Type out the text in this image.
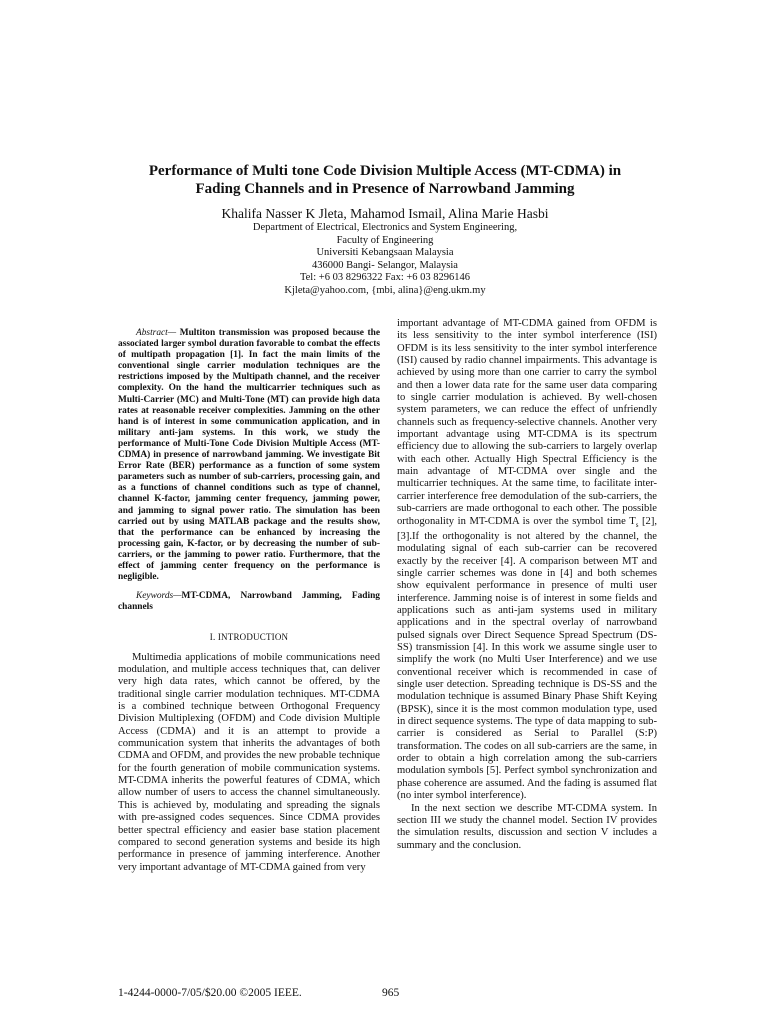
Performance of Multi tone Code Division Multiple Access (MT-CDMA) in
Fading Channels and in Presence of Narrowband Jamming
Khalifa Nasser K Jleta, Mahamod Ismail, Alina Marie Hasbi
Department of Electrical, Electronics and System Engineering,
Faculty of Engineering
Universiti Kebangsaan Malaysia
436000 Bangi- Selangor, Malaysia
Tel: +6 03 8296322 Fax: +6 03 8296146
Kjleta@yahoo.com, {mbi, alina}@eng.ukm.my

Abstract— Multiton transmission was proposed because the associated larger symbol duration favorable to combat the effects of multipath propagation [1]. In fact the main limits of the conventional single carrier modulation techniques are the restrictions imposed by the Multipath channel, and the receiver complexity. On the hand the multicarrier techniques such as Multi-Carrier (MC) and Multi-Tone (MT) can provide high data rates at reasonable receiver complexities. Jamming on the other hand is of interest in some communication application, and in military anti-jam systems. In this work, we study the performance of Multi-Tone Code Division Multiple Access (MT-CDMA) in presence of narrowband jamming. We investigate Bit Error Rate (BER) performance as a function of some system parameters such as number of sub-carriers, processing gain, and as a functions of channel conditions such as type of channel, channel K-factor, jamming center frequency, jamming power, and jamming to signal power ratio. The simulation has been carried out by using MATLAB package and the results show, that the performance can be enhanced by increasing the processing gain, K-factor, or by decreasing the number of sub-carriers, or the jamming to power ratio. Furthermore, that the effect of jamming center frequency on the performance is negligible.

Keywords—MT-CDMA, Narrowband Jamming, Fading channels

I. INTRODUCTION

Multimedia applications of mobile communications need modulation, and multiple access techniques that, can deliver very high data rates, which cannot be offered, by the traditional single carrier modulation techniques. MT-CDMA is a combined technique between Orthogonal Frequency Division Multiplexing (OFDM) and Code division Multiple Access (CDMA) and it is an attempt to provide a communication system that inherits the advantages of both CDMA and OFDM, and provides the new probable technique for the fourth generation of mobile communication systems. MT-CDMA inherits the powerful features of CDMA, which allow number of users to access the channel simultaneously. This is achieved by, modulating and spreading the signals with pre-assigned codes sequences. Since CDMA provides better spectral efficiency and easier base station placement compared to second generation systems and beside its high performance in presence of jamming interference. Another very important advantage of MT-CDMA gained from very

important advantage of MT-CDMA gained from OFDM is its less sensitivity to the inter symbol interference (ISI) OFDM is its less sensitivity to the inter symbol interference (ISI) caused by radio channel impairments. This advantage is achieved by using more than one carrier to carry the symbol and then a lower data rate for the same user data comparing to single carrier modulation is achieved. By well-chosen system parameters, we can reduce the effect of unfriendly channels such as frequency-selective channels. Another very important advantage using MT-CDMA is its spectrum efficiency due to allowing the sub-carriers to largely overlap with each other. Actually High Spectral Efficiency is the main advantage of MT-CDMA over single and the multicarrier techniques. At the same time, to facilitate inter-carrier interference free demodulation of the sub-carriers, the sub-carriers are made orthogonal to each other. The possible orthogonality in MT-CDMA is over the symbol time $T_s$ [2], [3].If the orthogonality is not altered by the channel, the modulating signal of each sub-carrier can be recovered exactly by the receiver [4]. A comparison between MT and single carrier schemes was done in [4] and both schemes show equivalent performance in presence of multi user interference. Jamming noise is of interest in some fields and applications such as anti-jam systems used in military applications and in the spectral overlay of narrowband pulsed signals over Direct Sequence Spread Spectrum (DS-SS) transmission [4]. In this work we assume single user to simplify the work (no Multi User Interference) and we use conventional receiver which is recommended in case of single user detection. Spreading technique is DS-SS and the modulation technique is assumed Binary Phase Shift Keying (BPSK), since it is the most common modulation type, used in direct sequence systems. The type of data mapping to sub-carrier is considered as Serial to Parallel (S:P) transformation. The codes on all sub-carriers are the same, in order to obtain a high correlation among the sub-carriers modulation symbols [5]. Perfect symbol synchronization and phase coherence are assumed. And the fading is assumed flat (no inter symbol interference).

In the next section we describe MT-CDMA system. In section III we study the channel model. Section IV provides the simulation results, discussion and section V includes a summary and the conclusion.

1-4244-0000-7/05/$20.00 ©2005 IEEE.	965
